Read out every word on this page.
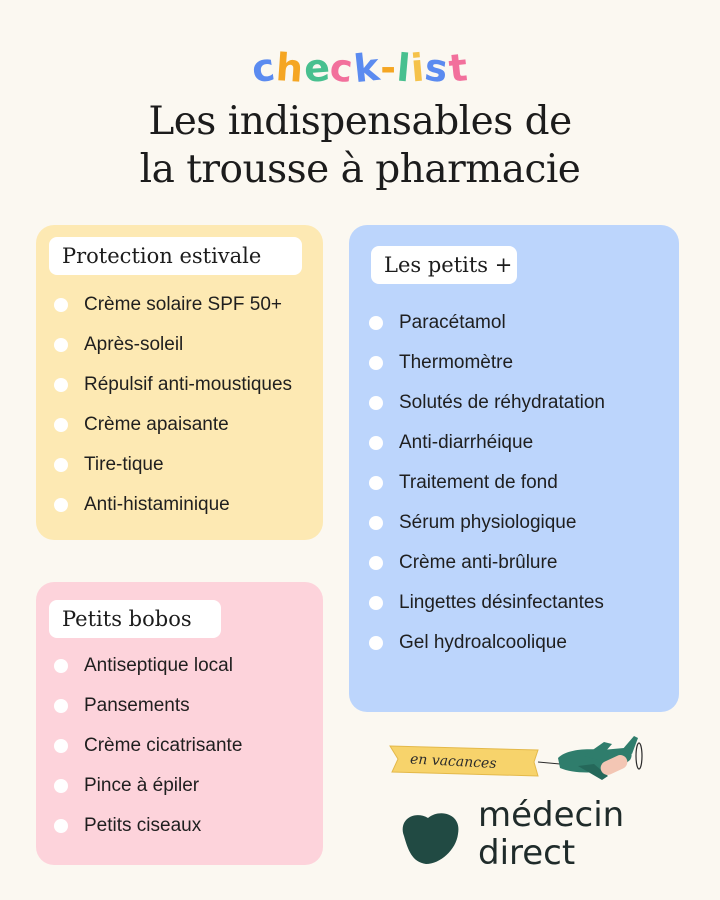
check-list
Les indispensables de
la trousse à pharmacie
Protection estivale
Crème solaire SPF 50+
Après-soleil
Répulsif anti-moustiques
Crème apaisante
Tire-tique
Anti-histaminique
Petits bobos
Antiseptique local
Pansements
Crème cicatrisante
Pince à épiler
Petits ciseaux
Les petits +
Paracétamol
Thermomètre
Solutés de réhydratation
Anti-diarrhéique
Traitement de fond
Sérum physiologique
Crème anti-brûlure
Lingettes désinfectantes
Gel hydroalcoolique
en vacances
médecin
direct
